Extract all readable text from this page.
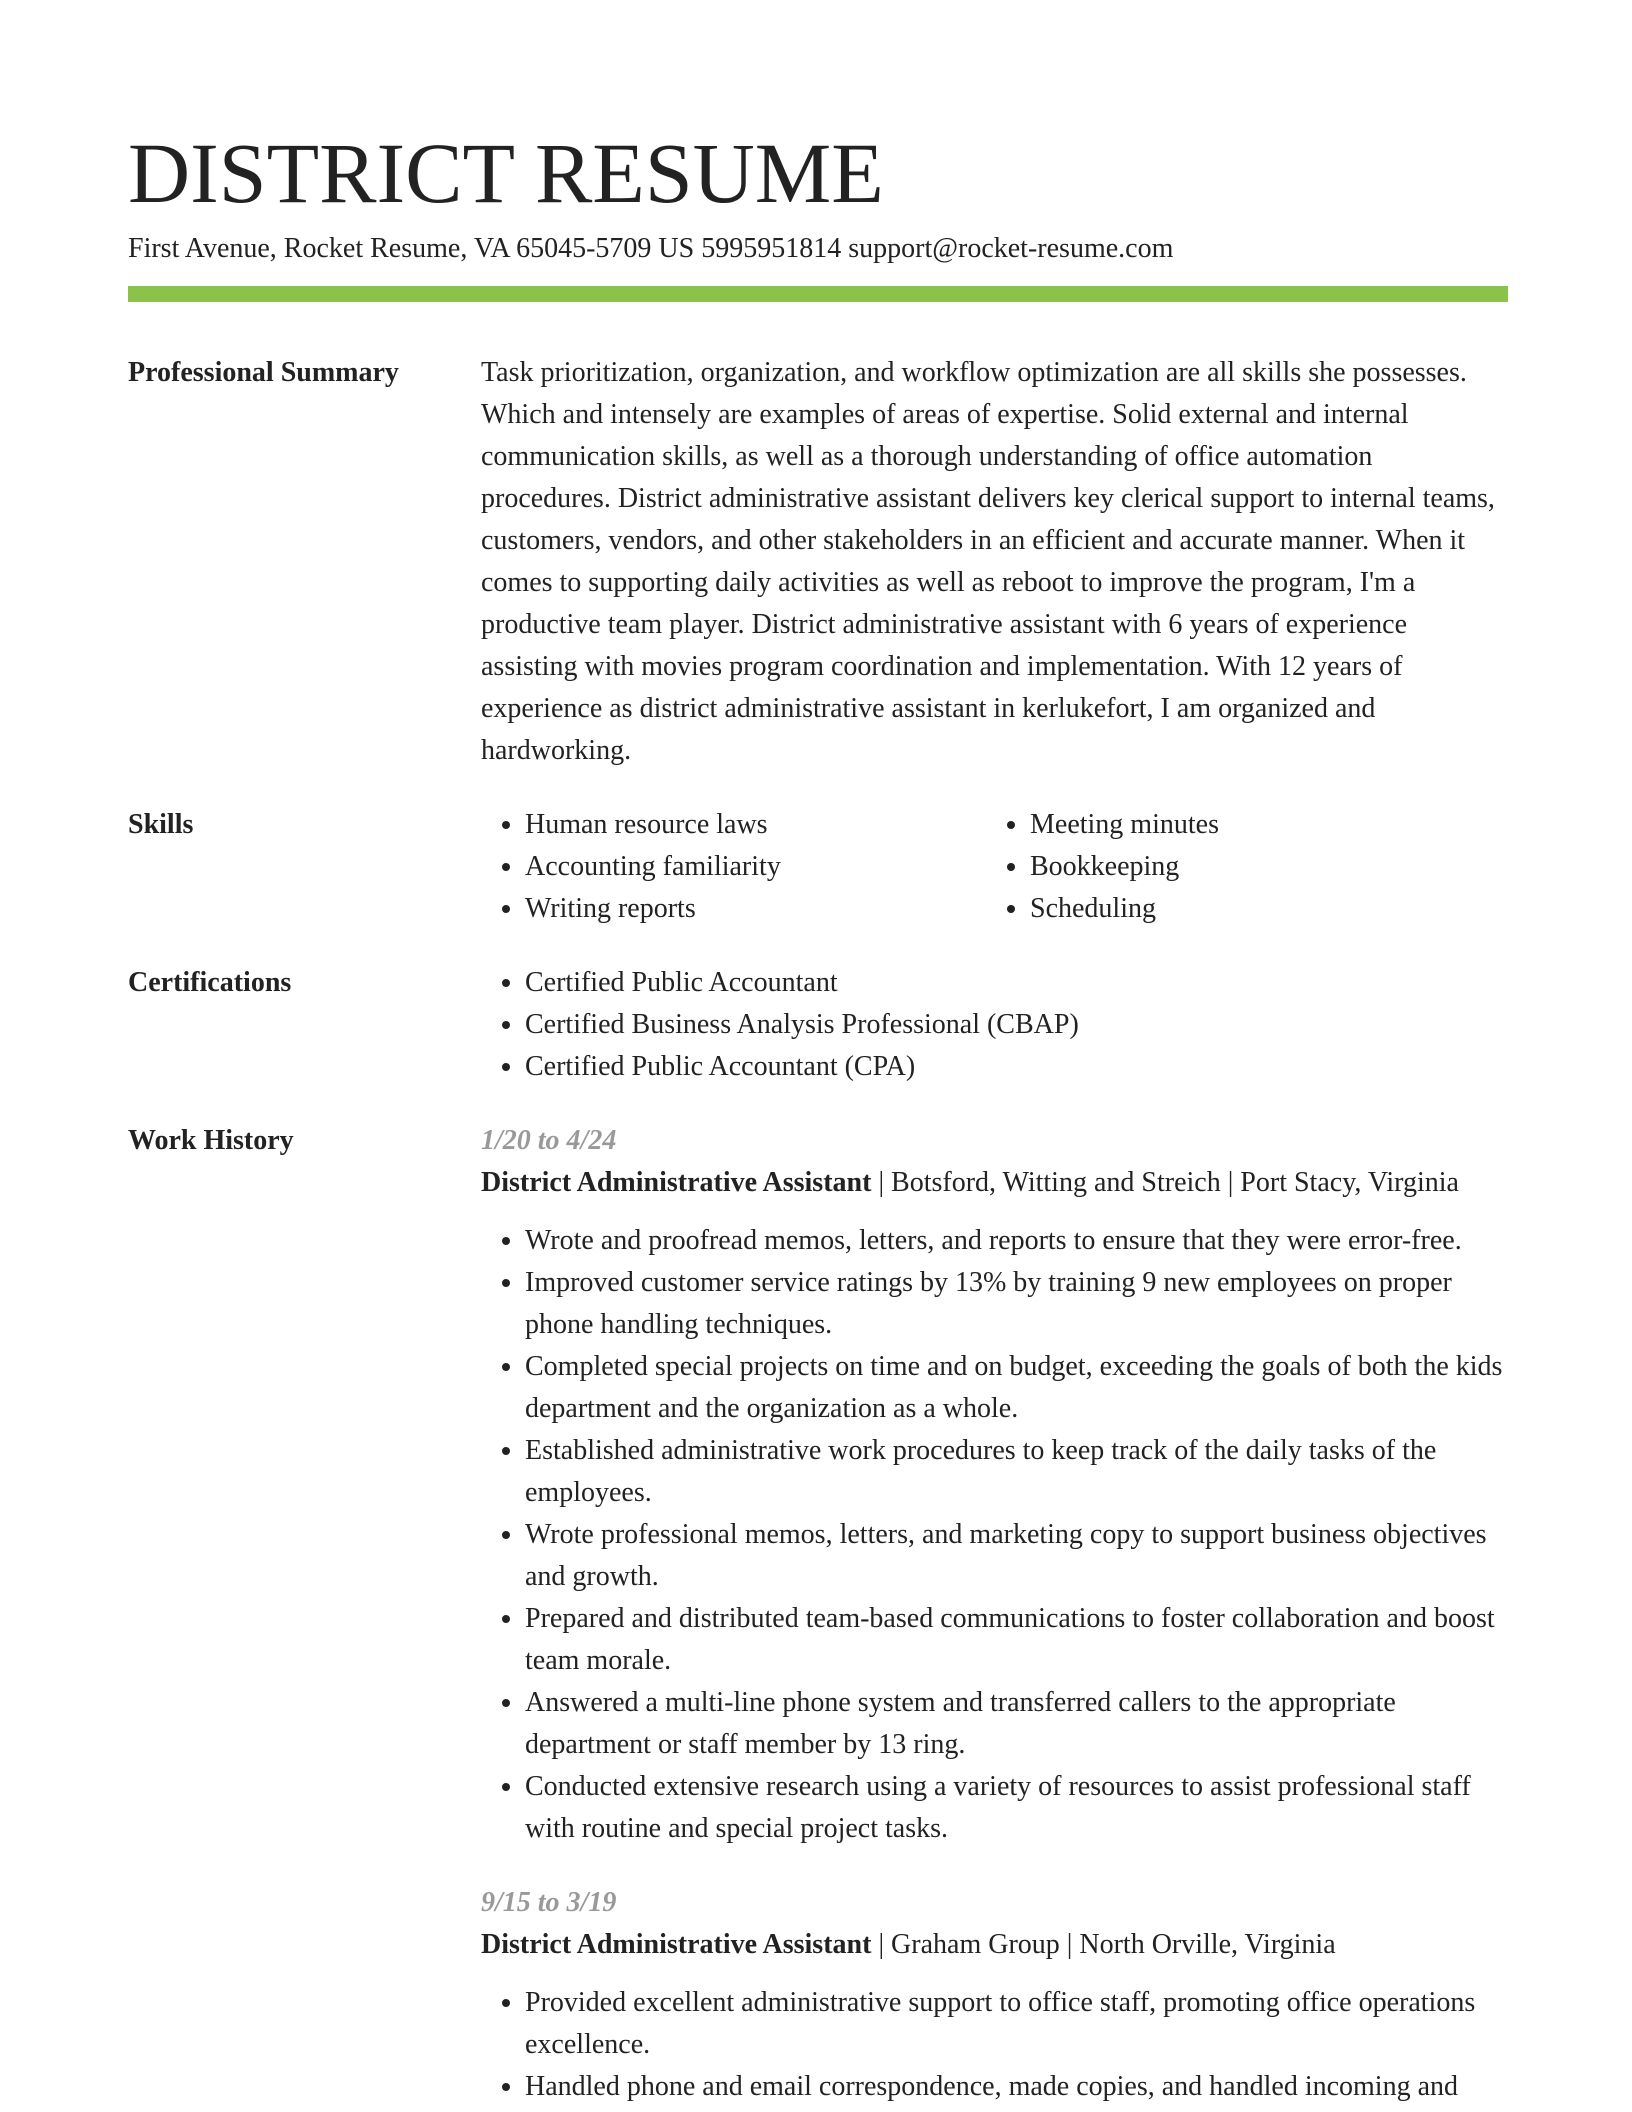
DISTRICT RESUME
First Avenue, Rocket Resume, VA 65045-5709 US 5995951814 support@rocket-resume.com
Professional Summary	Task prioritization, organization, and workflow optimization are all skills she possesses. Which and intensely are examples of areas of expertise. Solid external and internal communication skills, as well as a thorough understanding of office automation procedures. District administrative assistant delivers key clerical support to internal teams, customers, vendors, and other stakeholders in an efficient and accurate manner. When it comes to supporting daily activities as well as reboot to improve the program, I'm a productive team player. District administrative assistant with 6 years of experience assisting with movies program coordination and implementation. With 12 years of experience as district administrative assistant in kerlukefort, I am organized and hardworking.

Skills	• Human resource laws
• Accounting familiarity
• Writing reports
• Meeting minutes
• Bookkeeping
• Scheduling
Certifications	• Certified Public Accountant
• Certified Business Analysis Professional (CBAP)
• Certified Public Accountant (CPA)
Work History	1/20 to 4/24
District Administrative Assistant | Botsford, Witting and Streich | Port Stacy, Virginia
• Wrote and proofread memos, letters, and reports to ensure that they were error-free.
• Improved customer service ratings by 13% by training 9 new employees on proper phone handling techniques.
• Completed special projects on time and on budget, exceeding the goals of both the kids department and the organization as a whole.
• Established administrative work procedures to keep track of the daily tasks of the employees.
• Wrote professional memos, letters, and marketing copy to support business objectives and growth.
• Prepared and distributed team-based communications to foster collaboration and boost team morale.
• Answered a multi-line phone system and transferred callers to the appropriate department or staff member by 13 ring.
• Conducted extensive research using a variety of resources to assist professional staff with routine and special project tasks.
9/15 to 3/19
District Administrative Assistant | Graham Group | North Orville, Virginia
• Provided excellent administrative support to office staff, promoting office operations excellence.
• Handled phone and email correspondence, made copies, and handled incoming and
